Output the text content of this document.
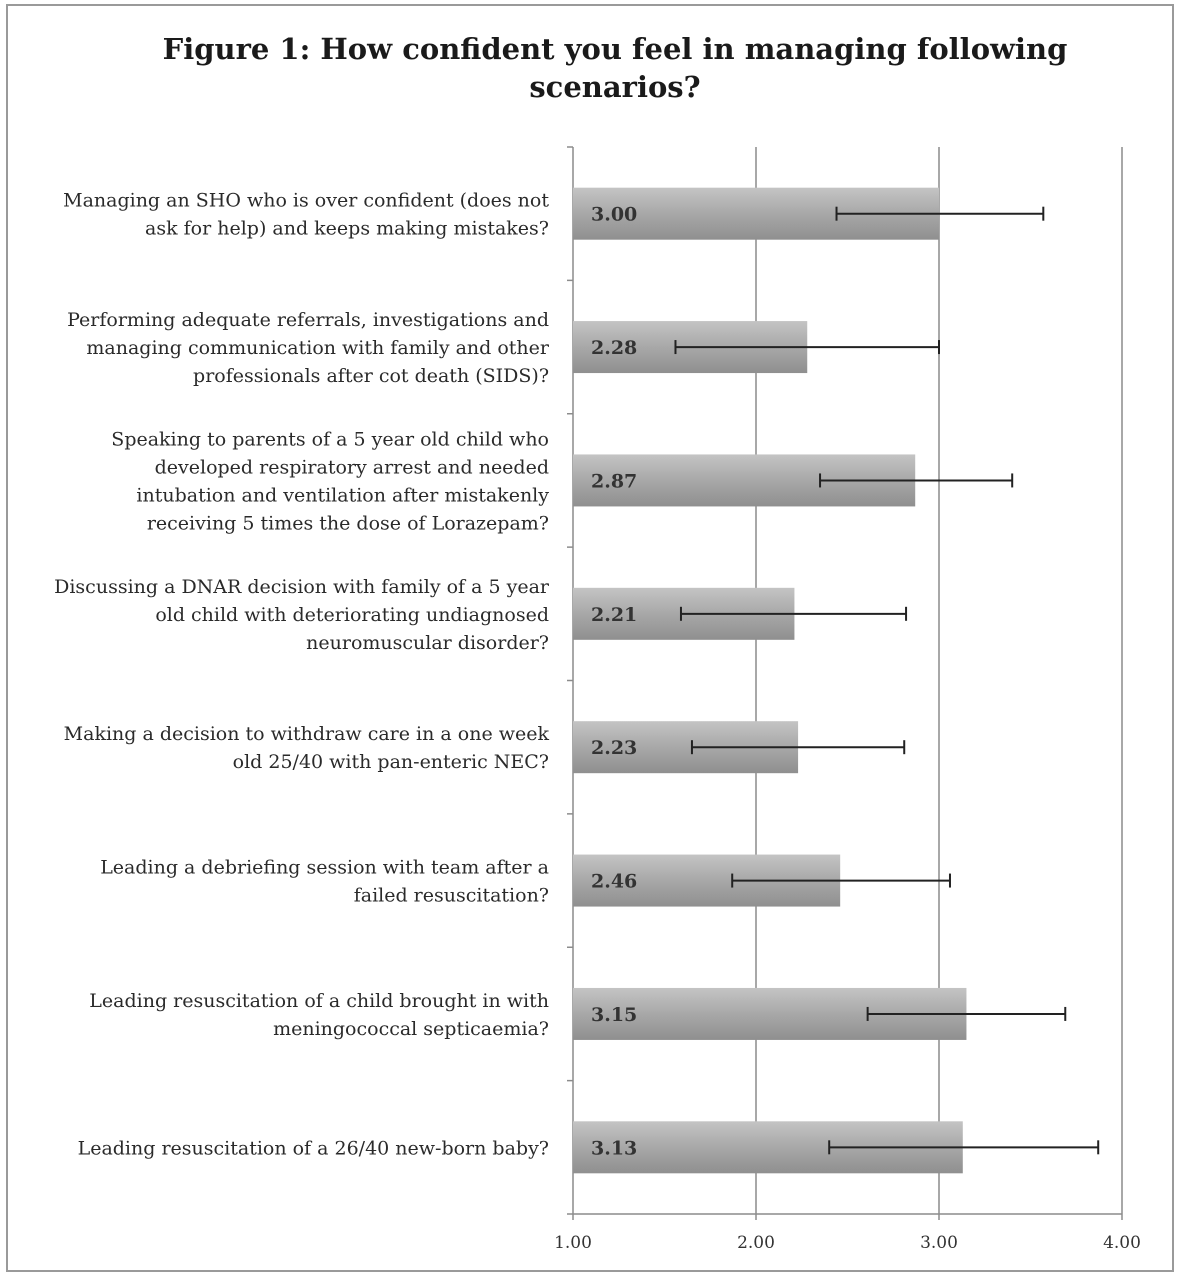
Figure 1: How confident you feel in managing following
scenarios?
1.00	2.00	3.00	4.00
3.00
Managing an SHO who is over confident (does not
ask for help) and keeps making mistakes?
2.28
Performing adequate referrals, investigations and
managing communication with family and other
professionals after cot death (SIDS)?
2.87
Speaking to parents of a 5 year old child who
developed respiratory arrest and needed
intubation and ventilation after mistakenly
receiving 5 times the dose of Lorazepam?
2.21
Discussing a DNAR decision with family of a 5 year
old child with deteriorating undiagnosed
neuromuscular disorder?
2.23
Making a decision to withdraw care in a one week
old 25/40 with pan-enteric NEC?
2.46
Leading a debriefing session with team after a
failed resuscitation?
3.15
Leading resuscitation of a child brought in with
meningococcal septicaemia?
3.13
Leading resuscitation of a 26/40 new-born baby?
